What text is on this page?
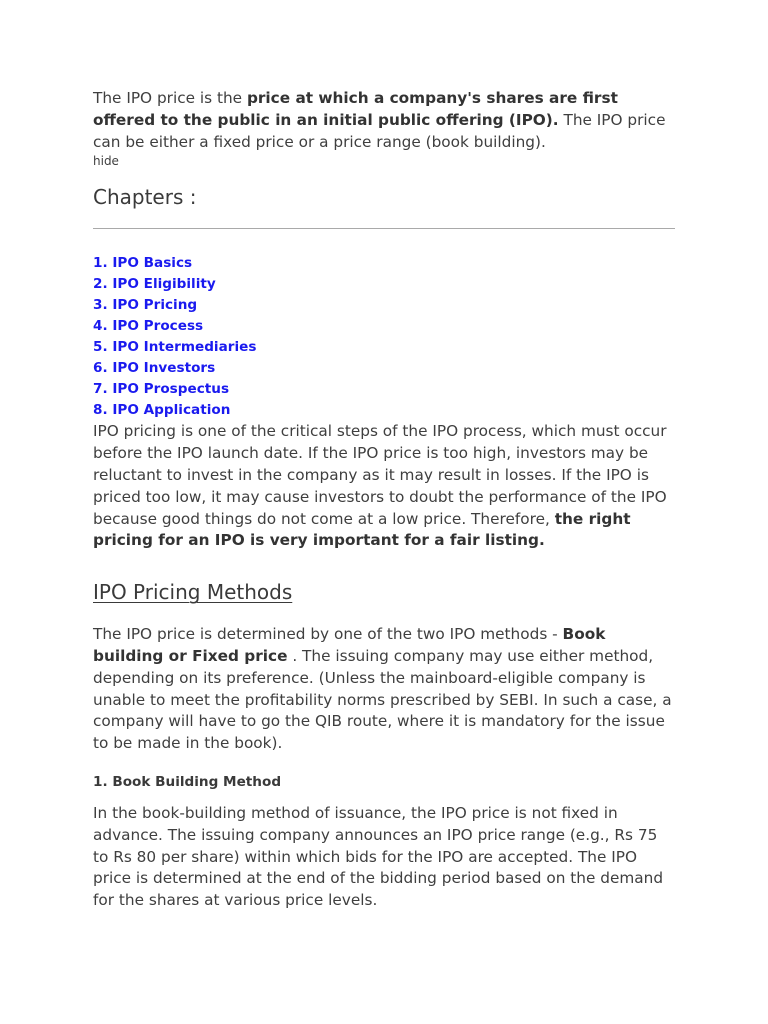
The IPO price is the price at which a company's shares are first offered to the public in an initial public offering (IPO). The IPO price can be either a fixed price or a price range (book building).

hide
Chapters :
1. IPO Basics
2. IPO Eligibility
3. IPO Pricing
4. IPO Process
5. IPO Intermediaries
6. IPO Investors
7. IPO Prospectus
8. IPO Application

IPO pricing is one of the critical steps of the IPO process, which must occur before the IPO launch date. If the IPO price is too high, investors may be reluctant to invest in the company as it may result in losses. If the IPO is priced too low, it may cause investors to doubt the performance of the IPO because good things do not come at a low price. Therefore, the right pricing for an IPO is very important for a fair listing.

IPO Pricing Methods

The IPO price is determined by one of the two IPO methods - Book building or Fixed price . The issuing company may use either method, depending on its preference. (Unless the mainboard-eligible company is unable to meet the profitability norms prescribed by SEBI. In such a case, a company will have to go the QIB route, where it is mandatory for the issue to be made in the book).

1. Book Building Method

In the book-building method of issuance, the IPO price is not fixed in advance. The issuing company announces an IPO price range (e.g., Rs 75 to Rs 80 per share) within which bids for the IPO are accepted. The IPO price is determined at the end of the bidding period based on the demand for the shares at various price levels.
